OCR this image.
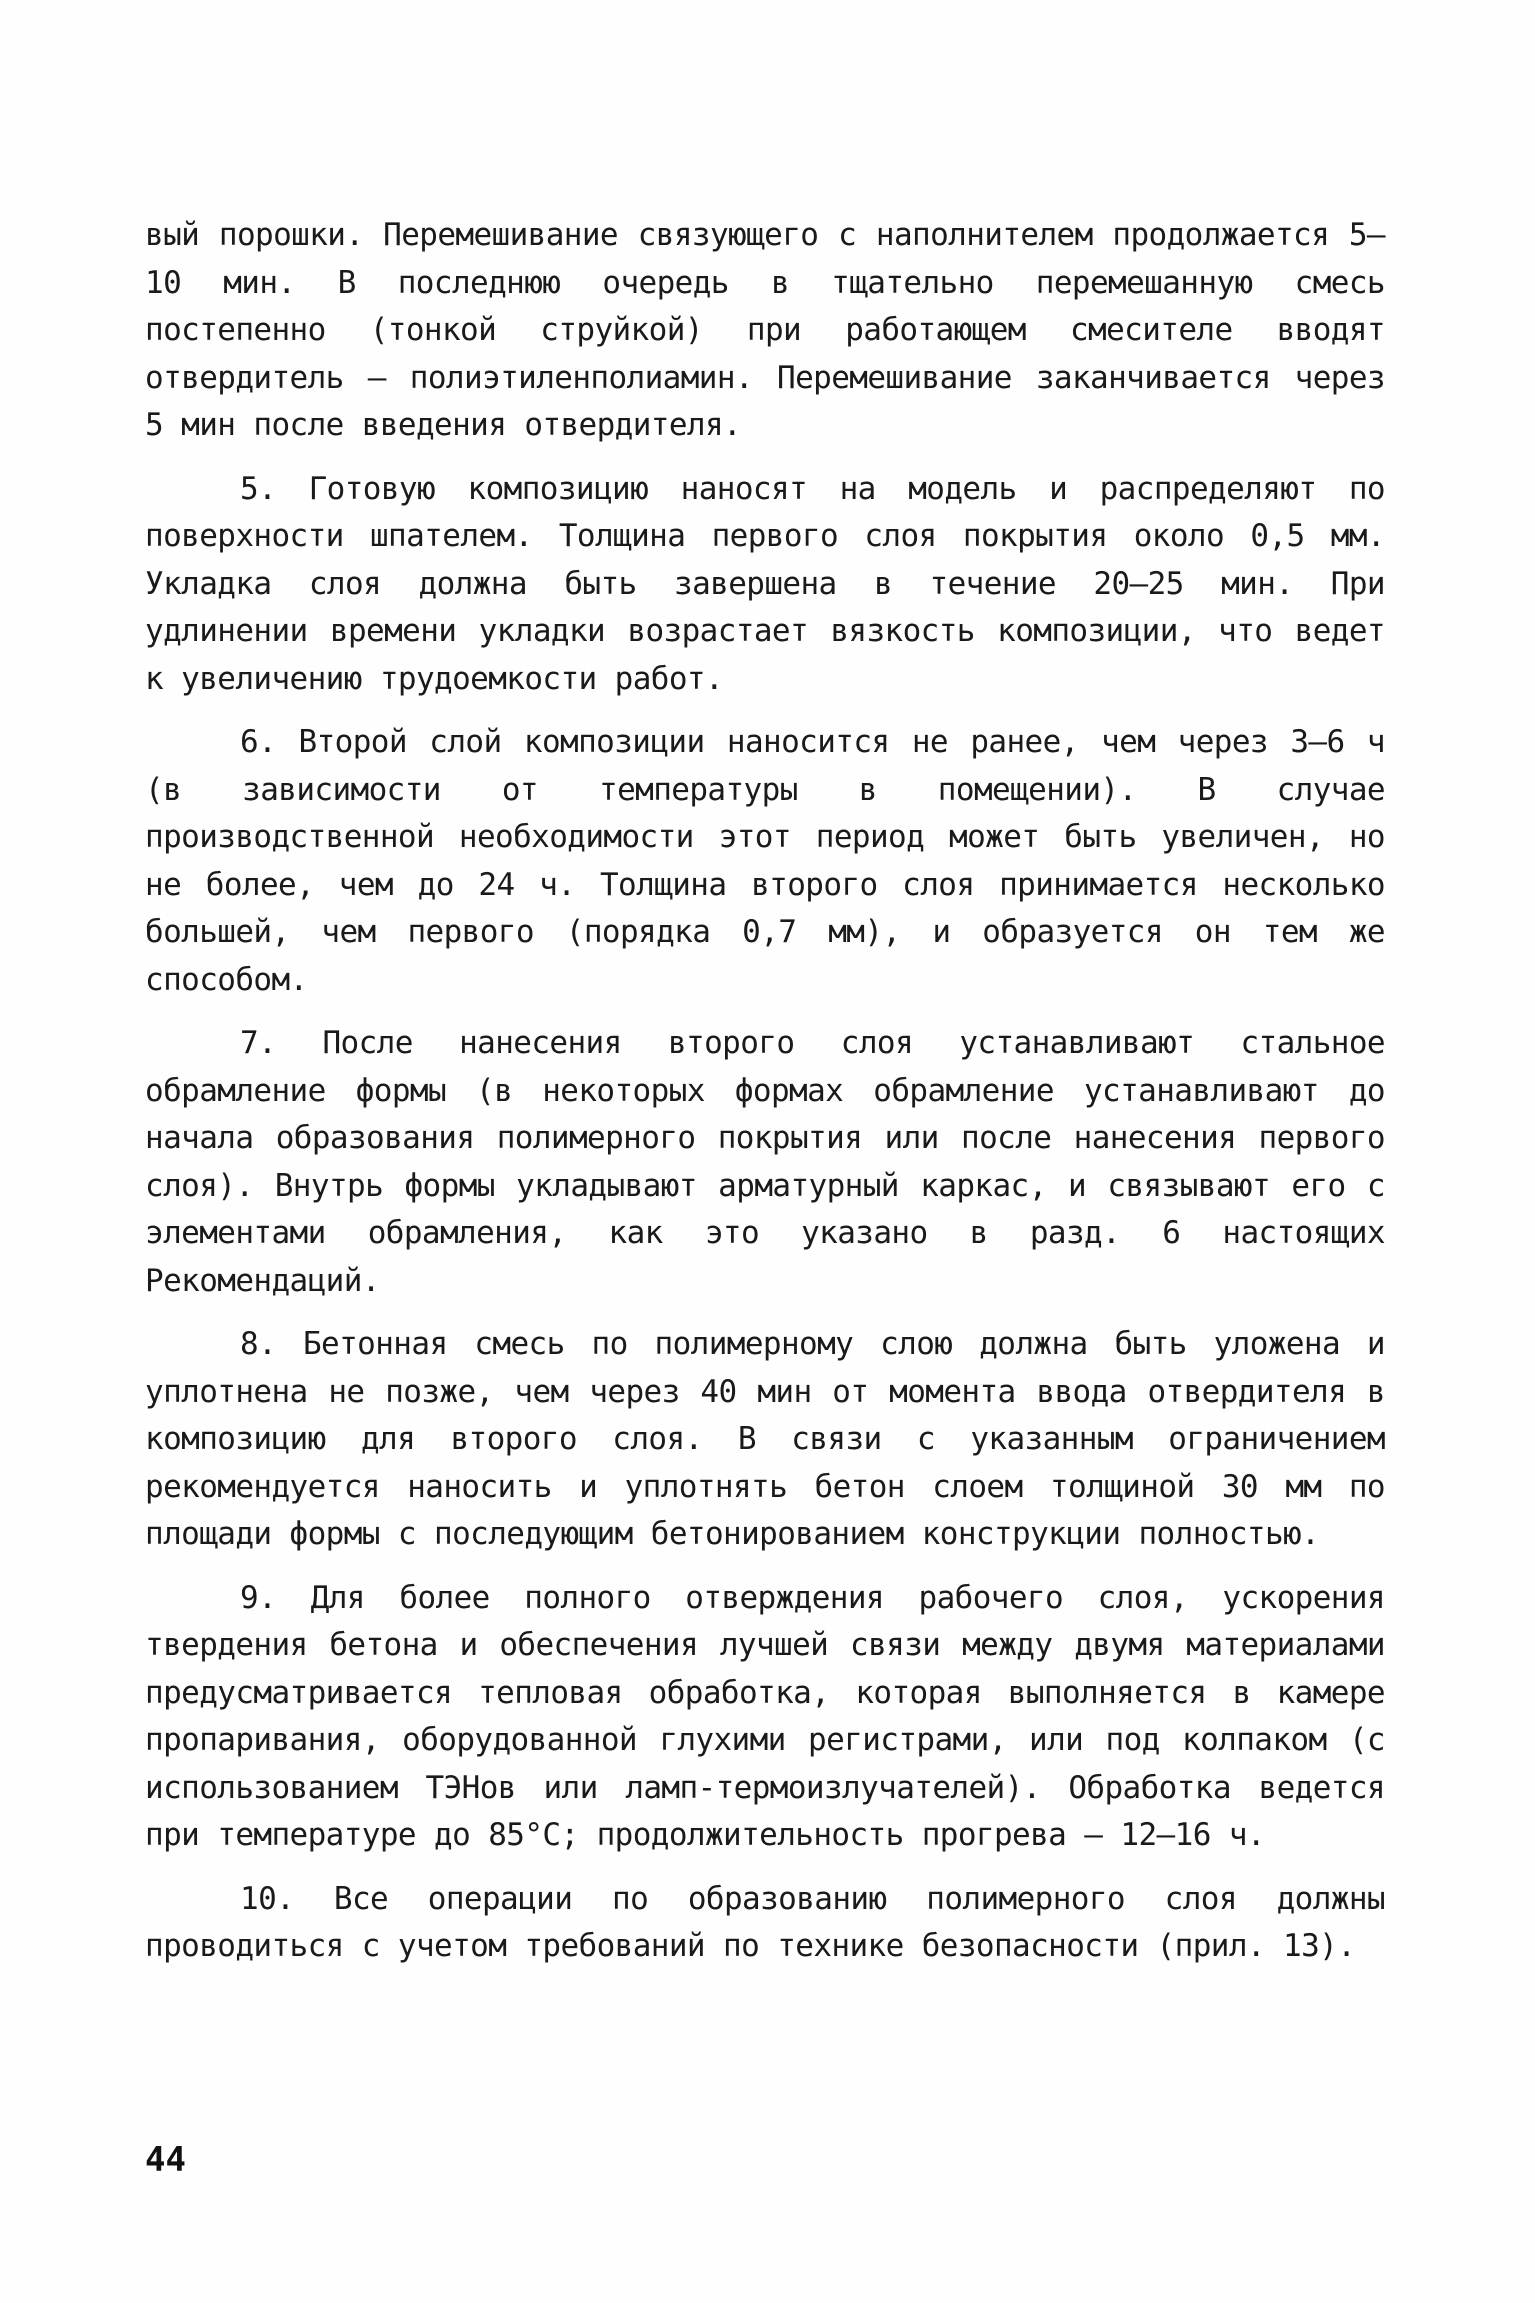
вый порошки. Перемешивание связующего с наполнителем продолжается 5–10 мин. В последнюю очередь в тщательно перемешанную смесь постепенно (тонкой струйкой) при работающем смесителе вводят отвердитель – полиэтиленполиамин. Перемешивание заканчивается через 5 мин после введения отвердителя.

5. Готовую композицию наносят на модель и распределяют по поверхности шпателем. Толщина первого слоя покрытия около 0,5 мм. Укладка слоя должна быть завершена в течение 20–25 мин. При удлинении времени укладки возрастает вязкость композиции, что ведет к увеличению трудоемкости работ.

6. Второй слой композиции наносится не ранее, чем через 3–6 ч (в зависимости от температуры в помещении). В случае производственной необходимости этот период может быть увеличен, но не более, чем до 24 ч. Толщина второго слоя принимается несколько большей, чем первого (порядка 0,7 мм), и образуется он тем же способом.

7. После нанесения второго слоя устанавливают стальное обрамление формы (в некоторых формах обрамление устанавливают до начала образования полимерного покрытия или после нанесения первого слоя). Внутрь формы укладывают арматурный каркас, и связывают его с элементами обрамления, как это указано в разд. 6 настоящих Рекомендаций.

8. Бетонная смесь по полимерному слою должна быть уложена и уплотнена не позже, чем через 40 мин от момента ввода отвердителя в композицию для второго слоя. В связи с указанным ограничением рекомендуется наносить и уплотнять бетон слоем толщиной 30 мм по площади формы с последующим бетонированием конструкции полностью.

9. Для более полного отверждения рабочего слоя, ускорения твердения бетона и обеспечения лучшей связи между двумя материалами предусматривается тепловая обработка, которая выполняется в камере пропаривания, оборудованной глухими регистрами, или под колпаком (с использованием ТЭНов или ламп-термоизлучателей). Обработка ведется при температуре до 85°С; продолжительность прогрева – 12–16 ч.

10. Все операции по образованию полимерного слоя должны проводиться с учетом требований по технике безопасности (прил. 13).

44
